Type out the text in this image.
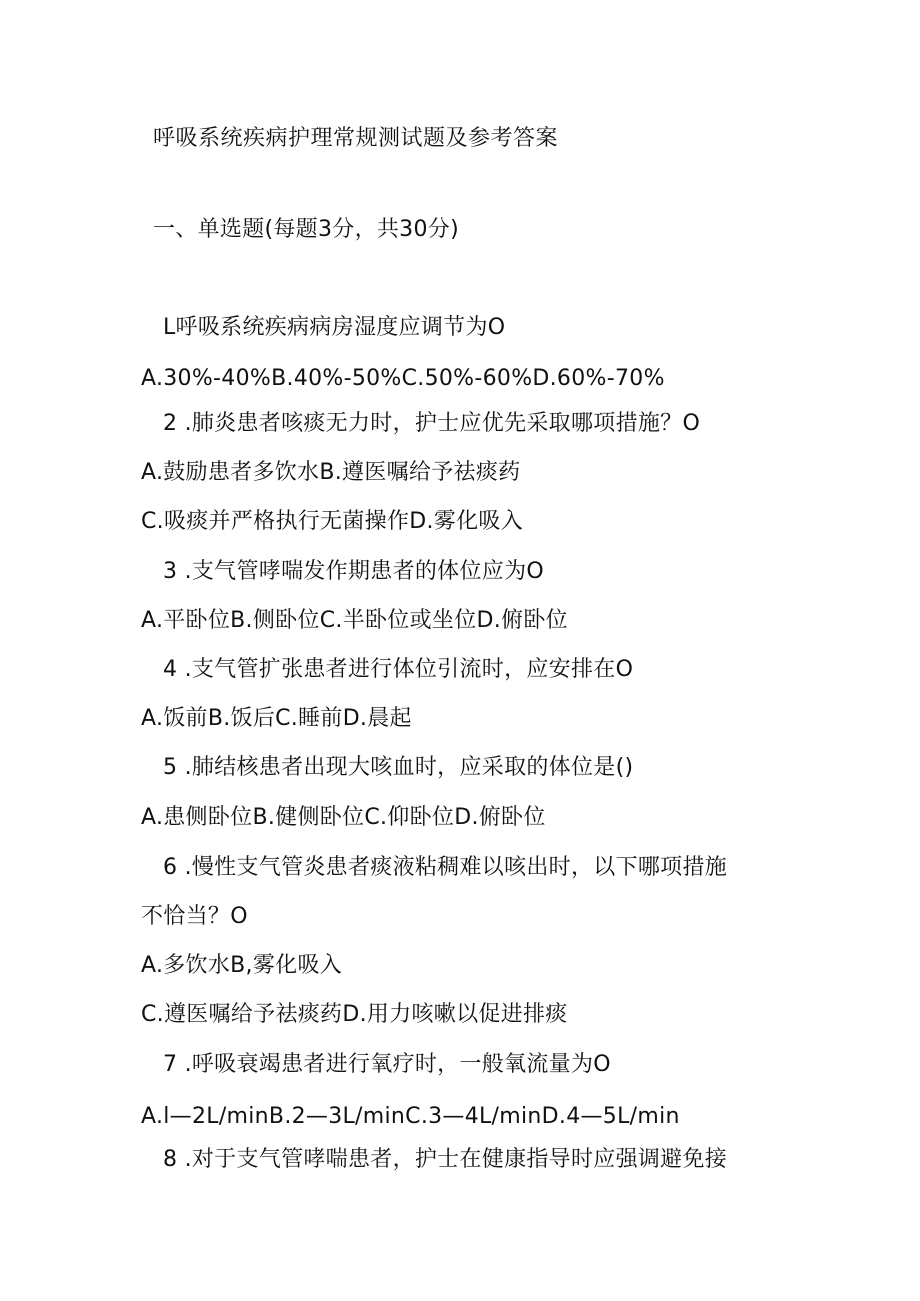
呼吸系统疾病护理常规测试题及参考答案
一、单选题(每题3分，共30分)
L呼吸系统疾病病房湿度应调节为O
A.30%-40%B.40%-50%C.50%-60%D.60%-70%
2 .肺炎患者咳痰无力时，护士应优先采取哪项措施？O
A.鼓励患者多饮水B.遵医嘱给予祛痰药
C.吸痰并严格执行无菌操作D.雾化吸入
3 .支气管哮喘发作期患者的体位应为O
A.平卧位B.侧卧位C.半卧位或坐位D.俯卧位
4 .支气管扩张患者进行体位引流时，应安排在O
A.饭前B.饭后C.睡前D.晨起
5 .肺结核患者出现大咳血时，应采取的体位是()
A.患侧卧位B.健侧卧位C.仰卧位D.俯卧位
6 .慢性支气管炎患者痰液粘稠难以咳出时，以下哪项措施
不恰当？O
A.多饮水B,雾化吸入
C.遵医嘱给予祛痰药D.用力咳嗽以促进排痰
7 .呼吸衰竭患者进行氧疗时，一般氧流量为O
A.l—2L/minB.2—3L/minC.3—4L/minD.4—5L/min
8 .对于支气管哮喘患者，护士在健康指导时应强调避免接
